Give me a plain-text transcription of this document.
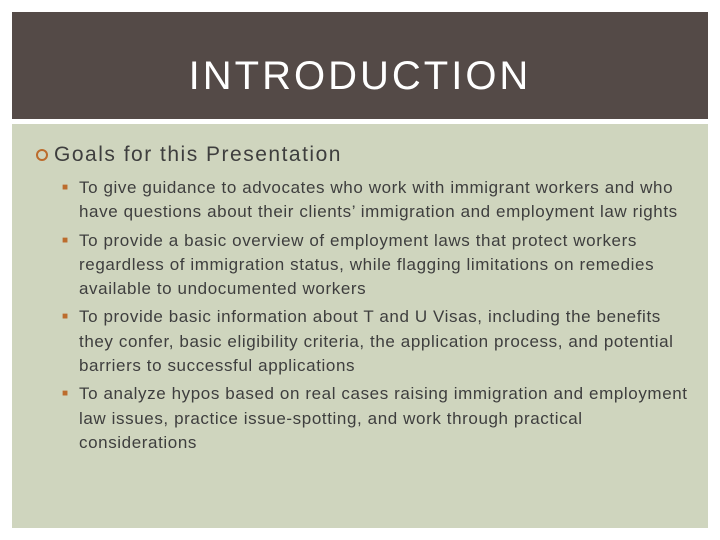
INTRODUCTION
Goals for this Presentation
■ To give guidance to advocates who work with immigrant workers and who have questions about their clients’ immigration and employment law rights
■ To provide a basic overview of employment laws that protect workers regardless of immigration status, while flagging limitations on remedies available to undocumented workers
■ To provide basic information about T and U Visas, including the benefits they confer, basic eligibility criteria, the application process, and potential barriers to successful applications
■ To analyze hypos based on real cases raising immigration and employment law issues, practice issue-spotting, and work through practical considerations
